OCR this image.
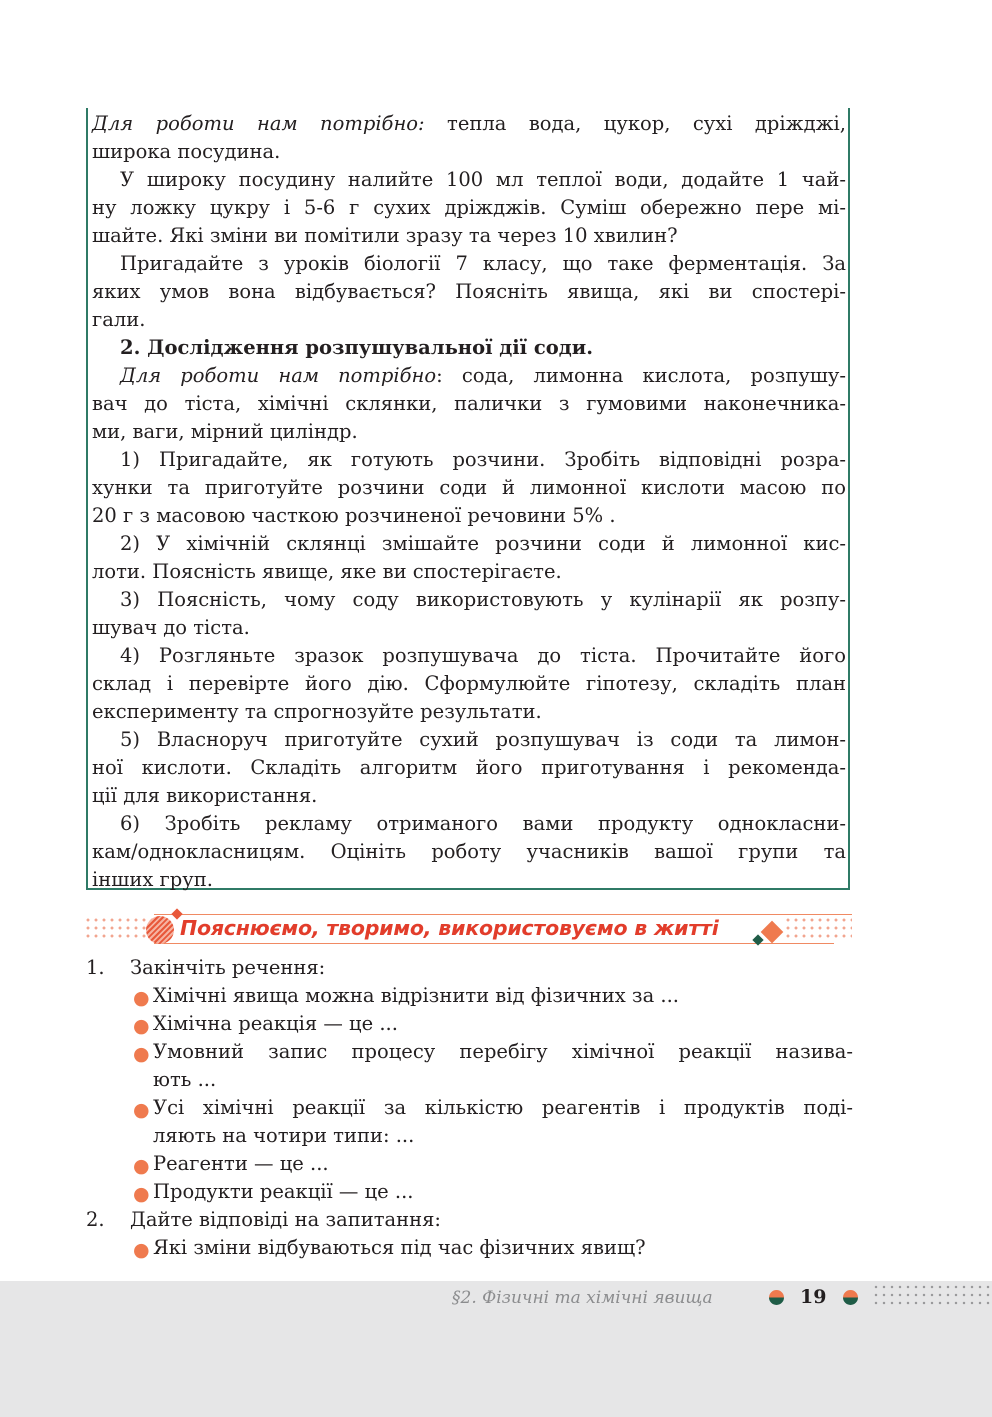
Для роботи нам потрібно: тепла вода, цукор, сухі дріжджі,
широка посудина.
У широку посудину налийте 100 мл теплої води, додайте 1 чай-
ну ложку цукру і 5-6 г сухих дріжджів. Суміш обережно пере мі-
шайте. Які зміни ви помітили зразу та через 10 хвилин?
Пригадайте з уроків біології 7 класу, що таке ферментація. За
яких умов вона відбувається? Поясніть явища, які ви спостері-
гали.
2. Дослідження розпушувальної дії соди.
Для роботи нам потрібно: сода, лимонна кислота, розпушу-
вач до тіста, хімічні склянки, палички з гумовими наконечника-
ми, ваги, мірний циліндр.
1) Пригадайте, як готують розчини. Зробіть відповідні розра-
хунки та приготуйте розчини соди й лимонної кислоти масою по
20 г з масовою часткою розчиненої речовини 5% .
2) У хімічній склянці змішайте розчини соди й лимонної кис-
лоти. Поясність явище, яке ви спостерігаєте.
3) Поясність, чому соду використовують у кулінарії як розпу-
шувач до тіста.
4) Розгляньте зразок розпушувача до тіста. Прочитайте його
склад і перевірте його дію. Сформулюйте гіпотезу, складіть план
експерименту та спрогнозуйте результати.
5) Власноруч приготуйте сухий розпушувач із соди та лимон-
ної кислоти. Складіть алгоритм його приготування і рекоменда-
ції для використання.
6) Зробіть рекламу отриманого вами продукту однокласни-
кам/однокласницям. Оцініть роботу учасників вашої групи та
інших груп.
Пояснюємо, творимо, використовуємо в житті
1. Закінчіть речення:
● Хімічні явища можна відрізнити від фізичних за ...
● Хімічна реакція — це ...
● Умовний запис процесу перебігу хімічної реакції назива-
ють ...
● Усі хімічні реакції за кількістю реагентів і продуктів поді-
ляють на чотири типи: ...
● Реагенти — це ...
● Продукти реакції — це ...
2. Дайте відповіді на запитання:
● Які зміни відбуваються під час фізичних явищ?
§2. Фізичні та хімічні явища	19
